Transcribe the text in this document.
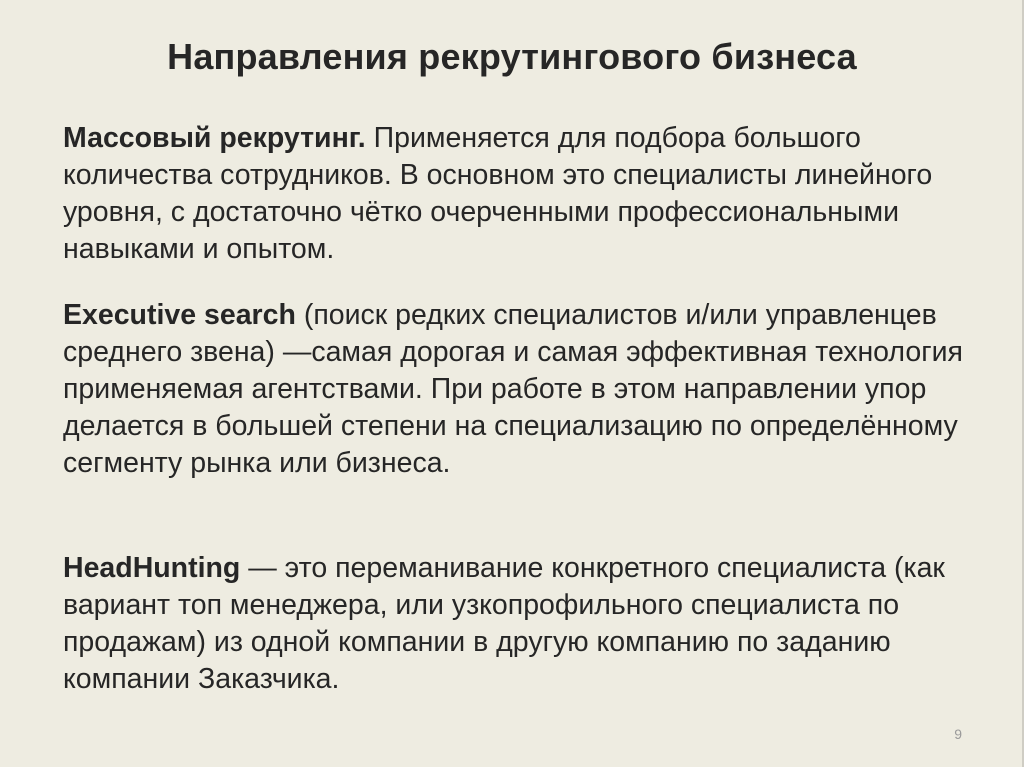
Направления рекрутингового бизнеса
Массовый рекрутинг. Применяется для подбора большого количества сотрудников. В основном это специалисты линейного уровня, с достаточно чётко очерченными профессиональными навыками и опытом.
Executive search (поиск редких специалистов и/или управленцев среднего звена) —самая дорогая и самая эффективная технология применяемая агентствами. При работе в этом направлении упор делается в большей степени на специализацию по определённому сегменту рынка или бизнеса.
HeadHunting — это переманивание конкретного специалиста (как вариант топ менеджера, или узкопрофильного специалиста по продажам) из одной компании в другую компанию по заданию компании Заказчика.
9
